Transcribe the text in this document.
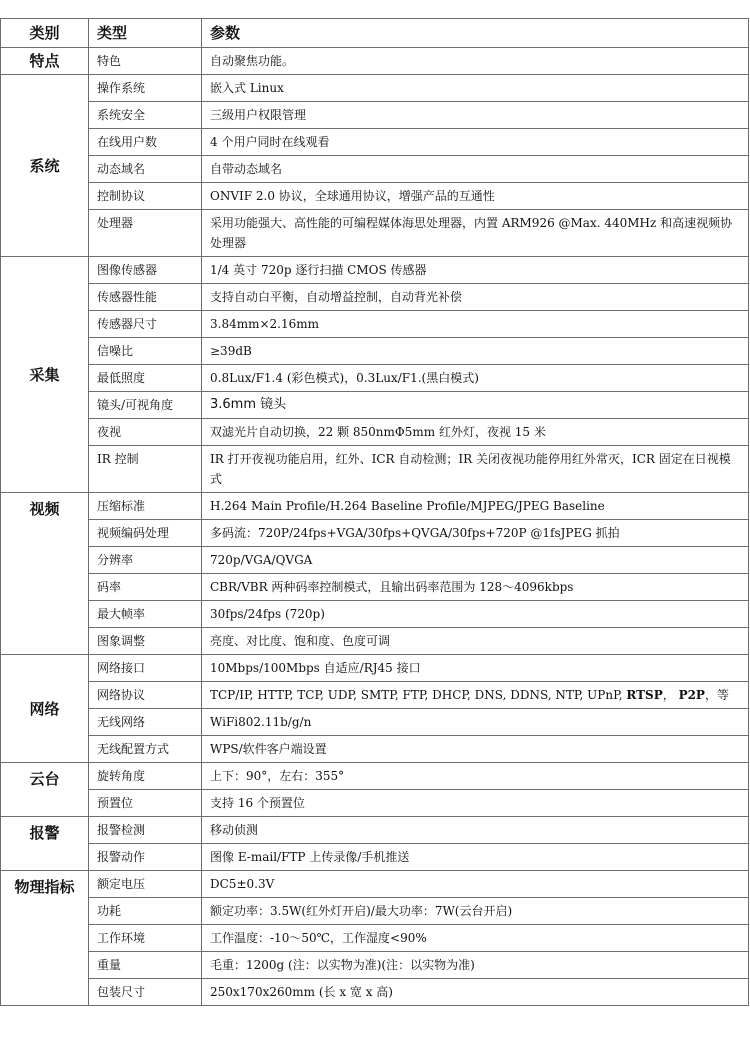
类别	类型	参数
特点	特色	自动聚焦功能。
系统	操作系统	嵌入式 Linux
	系统安全	三级用户权限管理
	在线用户数	4 个用户同时在线观看
	动态域名	自带动态域名
	控制协议	ONVIF 2.0 协议，全球通用协议，增强产品的互通性
	处理器	采用功能强大、高性能的可编程媒体海思处理器，内置 ARM926 @Max. 440MHz 和高速视频协处理器
采集	图像传感器	1/4 英寸 720p 逐行扫描 CMOS 传感器
	传感器性能	支持自动白平衡，自动增益控制，自动背光补偿
	传感器尺寸	3.84mm×2.16mm
	信噪比	≥39dB
	最低照度	0.8Lux/F1.4 (彩色模式)，0.3Lux/F1.(黑白模式)
	镜头/可视角度	3.6mm 镜头
	夜视	双滤光片自动切换，22 颗 850nmΦ5mm 红外灯，夜视 15 米
	IR 控制	IR 打开夜视功能启用，红外、ICR 自动检测；IR 关闭夜视功能停用红外常灭，ICR 固定在日视模式
视频	压缩标准	H.264 Main Profile/H.264 Baseline Profile/MJPEG/JPEG Baseline
	视频编码处理	多码流：720P/24fps+VGA/30fps+QVGA/30fps+720P @1fsJPEG 抓拍
	分辨率	720p/VGA/QVGA
	码率	CBR/VBR 两种码率控制模式，且输出码率范围为 128～4096kbps
	最大帧率	30fps/24fps (720p)
	图象调整	亮度、对比度、饱和度、色度可调
网络	网络接口	10Mbps/100Mbps 自适应/RJ45 接口
	网络协议	TCP/IP, HTTP, TCP, UDP, SMTP, FTP, DHCP, DNS, DDNS, NTP, UPnP, RTSP， P2P，等
	无线网络	WiFi802.11b/g/n
	无线配置方式	WPS/软件客户端设置
云台	旋转角度	上下：90°，左右：355°
	预置位	支持 16 个预置位
报警	报警检测	移动侦测
	报警动作	图像 E-mail/FTP 上传录像/手机推送
物理指标	额定电压	DC5±0.3V
	功耗	额定功率：3.5W(红外灯开启)/最大功率：7W(云台开启)
	工作环境	工作温度：-10～50℃，工作湿度<90%
	重量	毛重：1200g (注：以实物为准)(注：以实物为准)
	包装尺寸	250x170x260mm (长 x 宽 x 高)
